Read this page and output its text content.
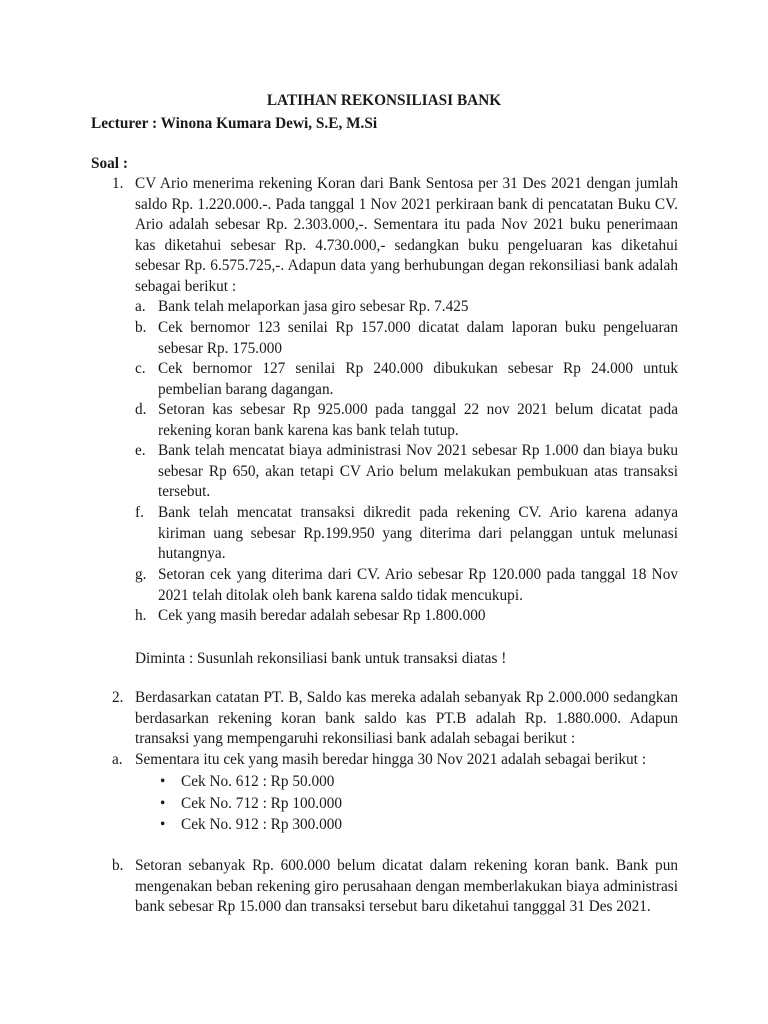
LATIHAN REKONSILIASI BANK
Lecturer : Winona Kumara Dewi, S.E, M.Si
Soal :
1. CV Ario menerima rekening Koran dari Bank Sentosa per 31 Des 2021 dengan jumlah saldo Rp. 1.220.000.-. Pada tanggal 1 Nov 2021 perkiraan bank di pencatatan Buku CV. Ario adalah sebesar Rp. 2.303.000,-. Sementara itu pada Nov 2021 buku penerimaan kas diketahui sebesar Rp. 4.730.000,- sedangkan buku pengeluaran kas diketahui sebesar Rp. 6.575.725,-. Adapun data yang berhubungan degan rekonsiliasi bank adalah sebagai berikut :
a. Bank telah melaporkan jasa giro sebesar Rp. 7.425
b. Cek bernomor 123 senilai Rp 157.000 dicatat dalam laporan buku pengeluaran sebesar Rp. 175.000
c. Cek bernomor 127 senilai Rp 240.000 dibukukan sebesar Rp 24.000 untuk pembelian barang dagangan.
d. Setoran kas sebesar Rp 925.000 pada tanggal 22 nov 2021 belum dicatat pada rekening koran bank karena kas bank telah tutup.
e. Bank telah mencatat biaya administrasi Nov 2021 sebesar Rp 1.000 dan biaya buku sebesar Rp 650, akan tetapi CV Ario belum melakukan pembukuan atas transaksi tersebut.
f. Bank telah mencatat transaksi dikredit pada rekening CV. Ario karena adanya kiriman uang sebesar Rp.199.950 yang diterima dari pelanggan untuk melunasi hutangnya.
g. Setoran cek yang diterima dari CV. Ario sebesar Rp 120.000 pada tanggal 18 Nov 2021 telah ditolak oleh bank karena saldo tidak mencukupi.
h. Cek yang masih beredar adalah sebesar Rp 1.800.000
Diminta : Susunlah rekonsiliasi bank untuk transaksi diatas !
2. Berdasarkan catatan PT. B, Saldo kas mereka adalah sebanyak Rp 2.000.000 sedangkan berdasarkan rekening koran bank saldo kas PT.B adalah Rp. 1.880.000. Adapun transaksi yang mempengaruhi rekonsiliasi bank adalah sebagai berikut :
a. Sementara itu cek yang masih beredar hingga 30 Nov 2021 adalah sebagai berikut :
• Cek No. 612 : Rp 50.000
• Cek No. 712 : Rp 100.000
• Cek No. 912 : Rp 300.000
b. Setoran sebanyak Rp. 600.000 belum dicatat dalam rekening koran bank. Bank pun mengenakan beban rekening giro perusahaan dengan memberlakukan biaya administrasi bank sebesar Rp 15.000 dan transaksi tersebut baru diketahui tangggal 31 Des 2021.
